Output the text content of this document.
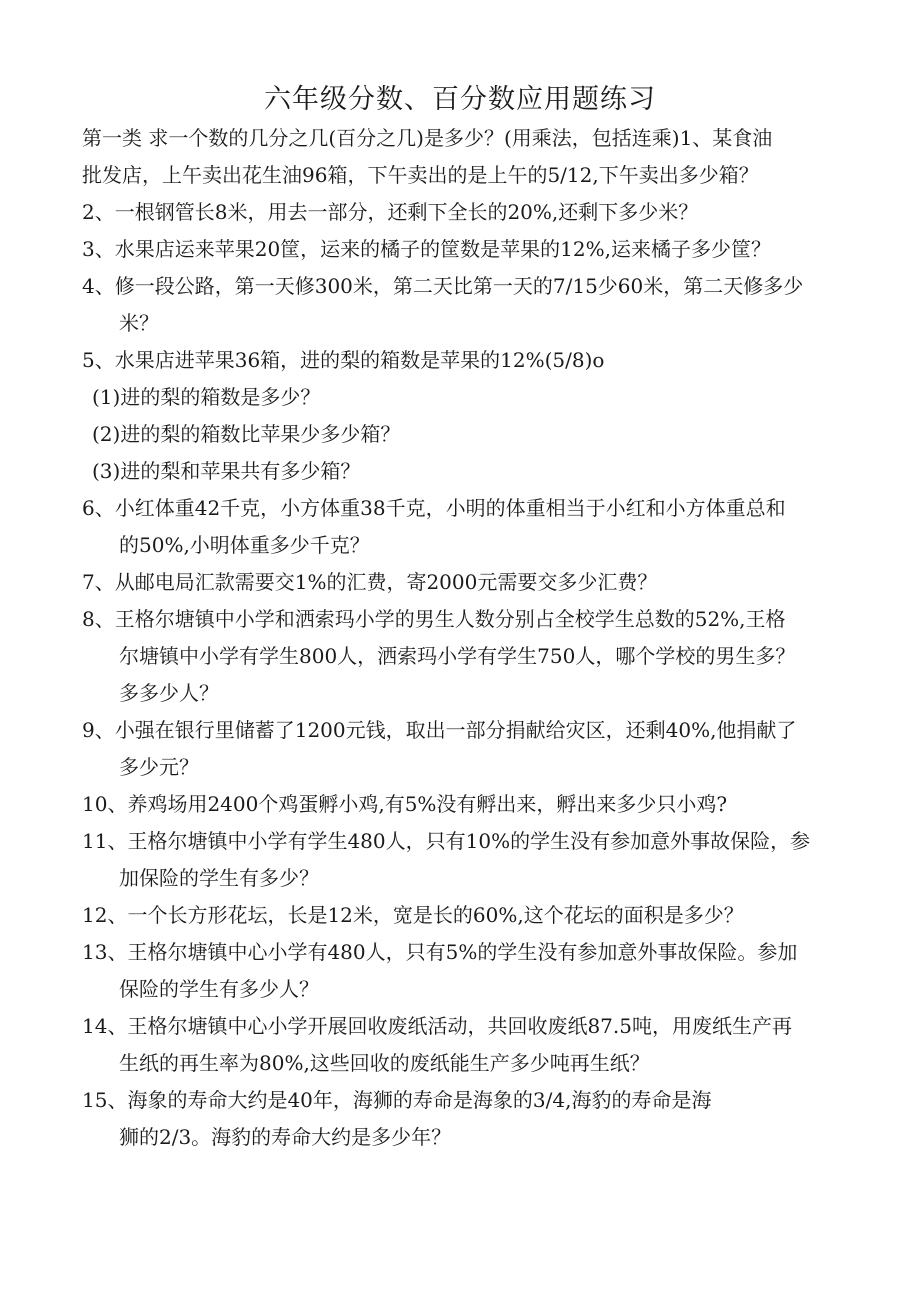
六年级分数、百分数应用题练习

第一类 求一个数的几分之几(百分之几)是多少？(用乘法，包括连乘)1、某食油
批发店，上午卖出花生油96箱，下午卖出的是上午的5/12,下午卖出多少箱？

2、一根钢管长8米，用去一部分，还剩下全长的20%,还剩下多少米？

3、水果店运来苹果20筐，运来的橘子的筐数是苹果的12%,运来橘子多少筐？

4、修一段公路，第一天修300米，第二天比第一天的7/15少60米，第二天修多少
米？

5、水果店进苹果36箱，进的梨的箱数是苹果的12%(5/8)o
(1)进的梨的箱数是多少？
(2)进的梨的箱数比苹果少多少箱？
(3)进的梨和苹果共有多少箱？

6、小红体重42千克，小方体重38千克，小明的体重相当于小红和小方体重总和
的50%,小明体重多少千克？

7、从邮电局汇款需要交1%的汇费，寄2000元需要交多少汇费？

8、王格尔塘镇中小学和洒索玛小学的男生人数分别占全校学生总数的52%,王格
尔塘镇中小学有学生800人，洒索玛小学有学生750人，哪个学校的男生多？
多多少人？

9、小强在银行里储蓄了1200元钱，取出一部分捐献给灾区，还剩40%,他捐献了
多少元？

10、养鸡场用2400个鸡蛋孵小鸡,有5%没有孵出来，孵出来多少只小鸡?

11、王格尔塘镇中小学有学生480人，只有10%的学生没有参加意外事故保险，参
加保险的学生有多少？

12、一个长方形花坛，长是12米，宽是长的60%,这个花坛的面积是多少？

13、王格尔塘镇中心小学有480人，只有5%的学生没有参加意外事故保险。参加
保险的学生有多少人？

14、王格尔塘镇中心小学开展回收废纸活动，共回收废纸87.5吨，用废纸生产再
生纸的再生率为80%,这些回收的废纸能生产多少吨再生纸？

15、海象的寿命大约是40年，海狮的寿命是海象的3/4,海豹的寿命是海
狮的2/3。海豹的寿命大约是多少年？
